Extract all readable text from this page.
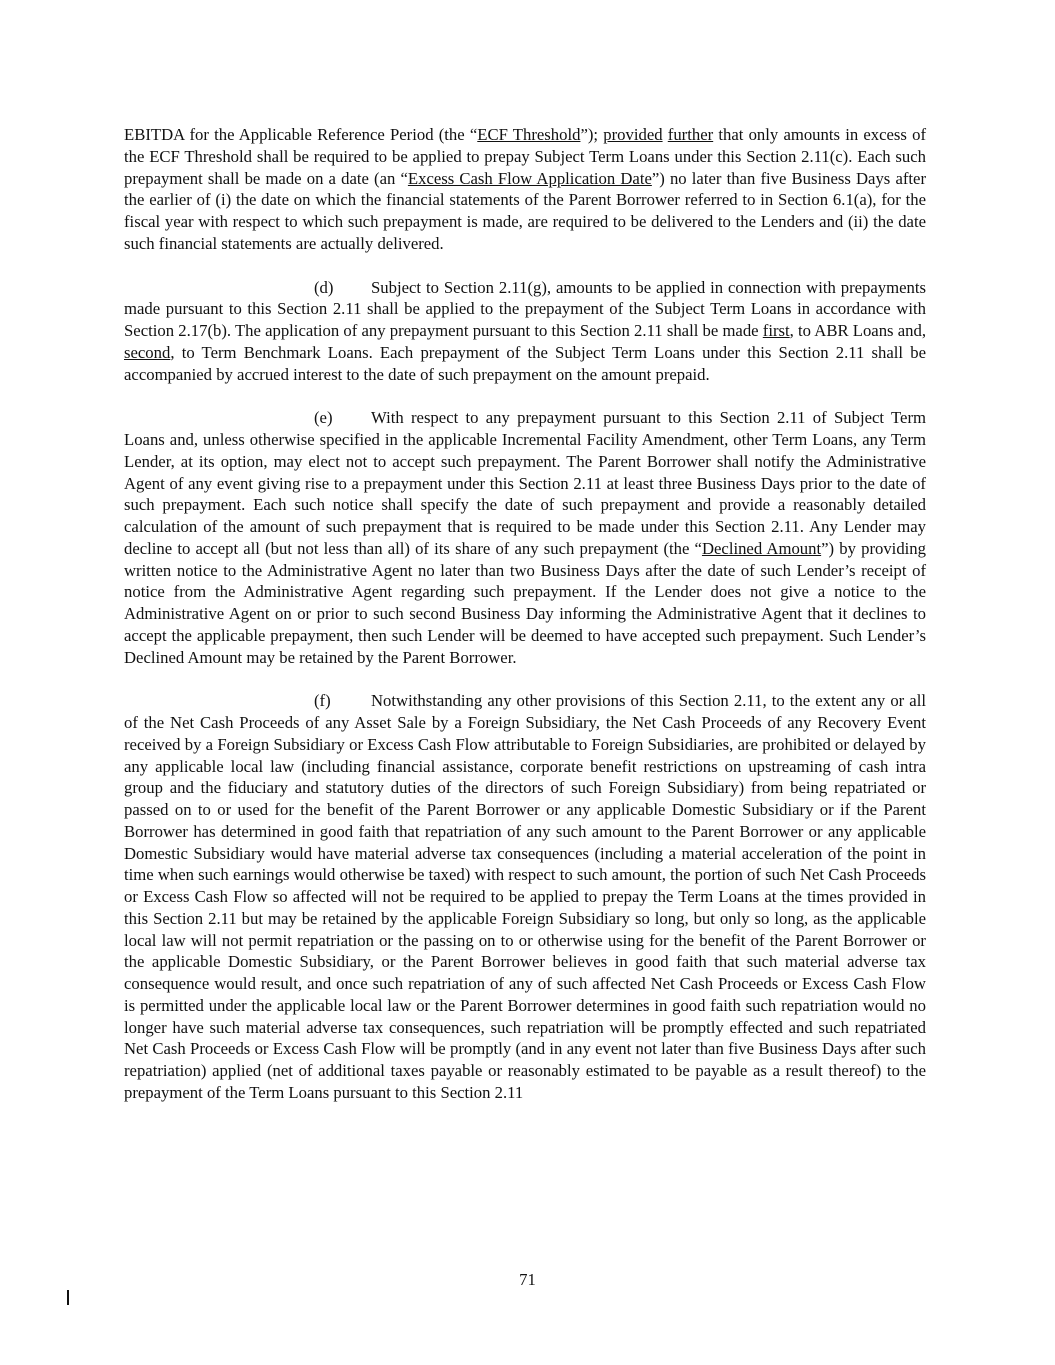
EBITDA for the Applicable Reference Period (the “ECF Threshold”); provided further that only amounts in excess of the ECF Threshold shall be required to be applied to prepay Subject Term Loans under this Section 2.11(c). Each such prepayment shall be made on a date (an “Excess Cash Flow Application Date”) no later than five Business Days after the earlier of (i) the date on which the financial statements of the Parent Borrower referred to in Section 6.1(a), for the fiscal year with respect to which such prepayment is made, are required to be delivered to the Lenders and (ii) the date such financial statements are actually delivered.

(d) Subject to Section 2.11(g), amounts to be applied in connection with prepayments made pursuant to this Section 2.11 shall be applied to the prepayment of the Subject Term Loans in accordance with Section 2.17(b). The application of any prepayment pursuant to this Section 2.11 shall be made first, to ABR Loans and, second, to Term Benchmark Loans. Each prepayment of the Subject Term Loans under this Section 2.11 shall be accompanied by accrued interest to the date of such prepayment on the amount prepaid.

(e) With respect to any prepayment pursuant to this Section 2.11 of Subject Term Loans and, unless otherwise specified in the applicable Incremental Facility Amendment, other Term Loans, any Term Lender, at its option, may elect not to accept such prepayment. The Parent Borrower shall notify the Administrative Agent of any event giving rise to a prepayment under this Section 2.11 at least three Business Days prior to the date of such prepayment. Each such notice shall specify the date of such prepayment and provide a reasonably detailed calculation of the amount of such prepayment that is required to be made under this Section 2.11. Any Lender may decline to accept all (but not less than all) of its share of any such prepayment (the “Declined Amount”) by providing written notice to the Administrative Agent no later than two Business Days after the date of such Lender’s receipt of notice from the Administrative Agent regarding such prepayment. If the Lender does not give a notice to the Administrative Agent on or prior to such second Business Day informing the Administrative Agent that it declines to accept the applicable prepayment, then such Lender will be deemed to have accepted such prepayment. Such Lender’s Declined Amount may be retained by the Parent Borrower.

(f) Notwithstanding any other provisions of this Section 2.11, to the extent any or all of the Net Cash Proceeds of any Asset Sale by a Foreign Subsidiary, the Net Cash Proceeds of any Recovery Event received by a Foreign Subsidiary or Excess Cash Flow attributable to Foreign Subsidiaries, are prohibited or delayed by any applicable local law (including financial assistance, corporate benefit restrictions on upstreaming of cash intra group and the fiduciary and statutory duties of the directors of such Foreign Subsidiary) from being repatriated or passed on to or used for the benefit of the Parent Borrower or any applicable Domestic Subsidiary or if the Parent Borrower has determined in good faith that repatriation of any such amount to the Parent Borrower or any applicable Domestic Subsidiary would have material adverse tax consequences (including a material acceleration of the point in time when such earnings would otherwise be taxed) with respect to such amount, the portion of such Net Cash Proceeds or Excess Cash Flow so affected will not be required to be applied to prepay the Term Loans at the times provided in this Section 2.11 but may be retained by the applicable Foreign Subsidiary so long, but only so long, as the applicable local law will not permit repatriation or the passing on to or otherwise using for the benefit of the Parent Borrower or the applicable Domestic Subsidiary, or the Parent Borrower believes in good faith that such material adverse tax consequence would result, and once such repatriation of any of such affected Net Cash Proceeds or Excess Cash Flow is permitted under the applicable local law or the Parent Borrower determines in good faith such repatriation would no longer have such material adverse tax consequences, such repatriation will be promptly effected and such repatriated Net Cash Proceeds or Excess Cash Flow will be promptly (and in any event not later than five Business Days after such repatriation) applied (net of additional taxes payable or reasonably estimated to be payable as a result thereof) to the prepayment of the Term Loans pursuant to this Section 2.11

71
